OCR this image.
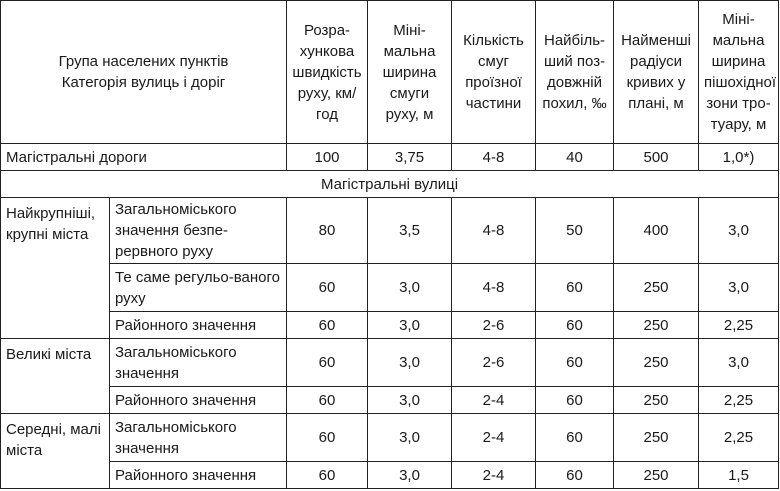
Група населених пунктів
Категорія вулиць і доріг		Розра-хункова швидкість руху, км/год	Міні-мальна ширина смуги руху, м	Кількість смуг проїзної частини	Найбіль-ший поз-довжній похил, ‰	Найменші радіуси кривих у плані, м	Міні-мальна ширина пішохідної зони тро-туару, м
Магістральні дороги		100	3,75	4-8	40	500	1,0*)
Магістральні вулиці							
Найкрупніші, крупні міста	Загальноміського значення безпе-рервного руху	80	3,5	4-8	50	400	3,0
	Те саме регульо-ваного руху	60	3,0	4-8	60	250	3,0
	Районного значення	60	3,0	2-6	60	250	2,25
Великі міста	Загальноміського значення	60	3,0	2-6	60	250	3,0
	Районного значення	60	3,0	2-4	60	250	2,25
Середні, малі міста	Загальноміського значення	60	3,0	2-4	60	250	2,25
	Районного значення	60	3,0	2-4	60	250	1,5
